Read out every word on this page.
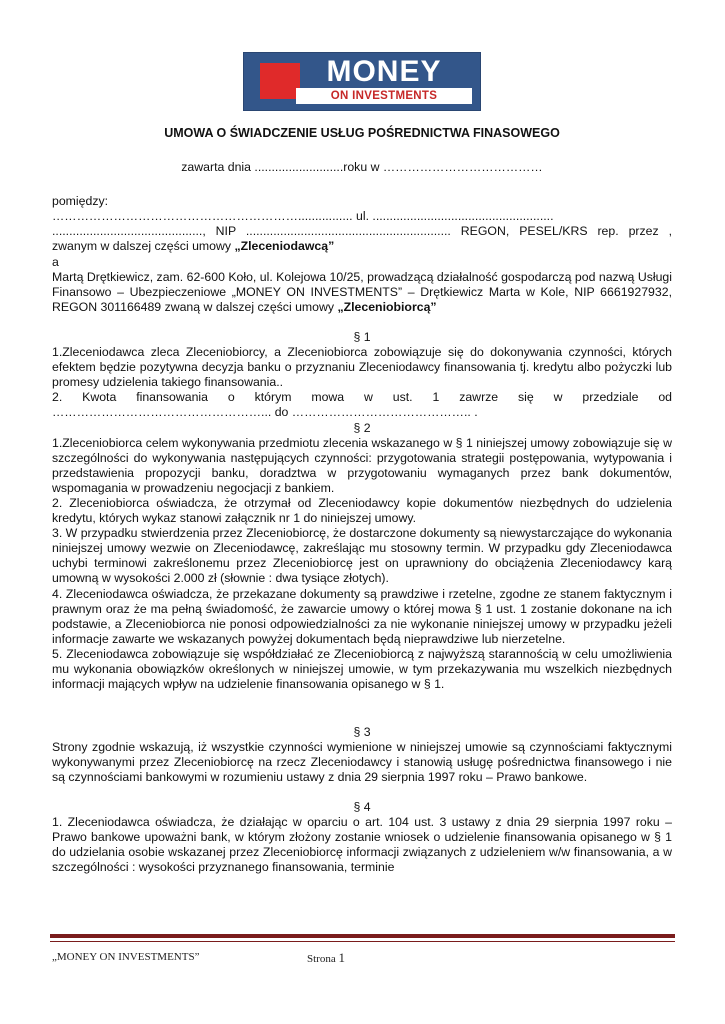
MONEY
ON INVESTMENTS
UMOWA O ŚWIADCZENIE USŁUG POŚREDNICTWA FINASOWEGO
zawarta dnia ..........................roku w …………………………………
pomiędzy:
……………………………………………………................ ul. .....................................................
............................................, NIP ............................................................ REGON, PESEL/KRS rep. przez , zwanym w dalszej części umowy „Zleceniodawcą”
a
Martą Drętkiewicz, zam. 62-600 Koło, ul. Kolejowa 10/25, prowadzącą działalność gospodarczą pod nazwą Usługi Finansowo – Ubezpieczeniowe „MONEY ON INVESTMENTS” – Drętkiewicz Marta w Kole, NIP 6661927932, REGON 301166489 zwaną w dalszej części umowy „Zleceniobiorcą”
§ 1
1.Zleceniodawca zleca Zleceniobiorcy, a Zleceniobiorca zobowiązuje się do dokonywania czynności, których efektem będzie pozytywna decyzja banku o przyznaniu Zleceniodawcy finansowania tj. kredytu albo pożyczki lub promesy udzielenia takiego finansowania..
2. Kwota finansowania o którym mowa w ust. 1 zawrze się w przedziale od ……………………………………………... do …………………………………….. .
§ 2
1.Zleceniobiorca celem wykonywania przedmiotu zlecenia wskazanego w § 1 niniejszej umowy zobowiązuje się w szczególności do wykonywania następujących czynności: przygotowania strategii postępowania, wytypowania i przedstawienia propozycji banku, doradztwa w przygotowaniu wymaganych przez bank dokumentów, wspomagania w prowadzeniu negocjacji z bankiem.
2. Zleceniobiorca oświadcza, że otrzymał od Zleceniodawcy kopie dokumentów niezbędnych do udzielenia kredytu, których wykaz stanowi załącznik nr 1 do niniejszej umowy.
3. W przypadku stwierdzenia przez Zleceniobiorcę, że dostarczone dokumenty są niewystarczające do wykonania niniejszej umowy wezwie on Zleceniodawcę, zakreślając mu stosowny termin. W przypadku gdy Zleceniodawca uchybi terminowi zakreślonemu przez Zleceniobiorcę jest on uprawniony do obciążenia Zleceniodawcy karą umowną w wysokości 2.000 zł (słownie : dwa tysiące złotych).
4. Zleceniodawca oświadcza, że przekazane dokumenty są prawdziwe i rzetelne, zgodne ze stanem faktycznym i prawnym oraz że ma pełną świadomość, że zawarcie umowy o której mowa § 1 ust. 1 zostanie dokonane na ich podstawie, a Zleceniobiorca nie ponosi odpowiedzialności za nie wykonanie niniejszej umowy w przypadku jeżeli informacje zawarte we wskazanych powyżej dokumentach będą nieprawdziwe lub nierzetelne.
5. Zleceniodawca zobowiązuje się współdziałać ze Zleceniobiorcą z najwyższą starannością w celu umożliwienia mu wykonania obowiązków określonych w niniejszej umowie, w tym przekazywania mu wszelkich niezbędnych informacji mających wpływ na udzielenie finansowania opisanego w § 1.
§ 3
Strony zgodnie wskazują, iż wszystkie czynności wymienione w niniejszej umowie są czynnościami faktycznymi wykonywanymi przez Zleceniobiorcę na rzecz Zleceniodawcy i stanowią usługę pośrednictwa finansowego i nie są czynnościami bankowymi w rozumieniu ustawy z dnia 29 sierpnia 1997 roku – Prawo bankowe.
§ 4
1. Zleceniodawca oświadcza, że działając w oparciu o art. 104 ust. 3 ustawy z dnia 29 sierpnia 1997 roku – Prawo bankowe upoważni bank, w którym złożony zostanie wniosek o udzielenie finansowania opisanego w § 1 do udzielania osobie wskazanej przez Zleceniobiorcę informacji związanych z udzieleniem w/w finansowania, a w szczególności : wysokości przyznanego finansowania, terminie
„MONEY ON INVESTMENTS”	Strona 1
